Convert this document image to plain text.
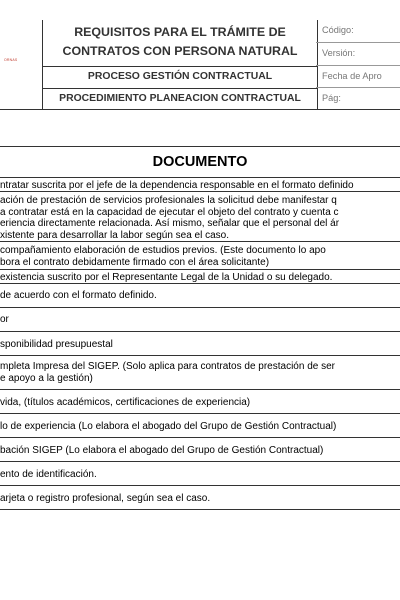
ORNAS
REQUISITOS PARA EL TRÁMITE DE
CONTRATOS CON PERSONA NATURAL
PROCESO GESTIÓN CONTRACTUAL
PROCEDIMIENTO PLANEACION CONTRACTUAL
Código:
Versión:
Fecha de Apro
Pág:
DOCUMENTO
ntratar suscrita por el jefe de la dependencia responsable en el formato definido
ación de prestación de servicios profesionales la solicitud debe manifestar q
a contratar está en la capacidad de ejecutar el objeto del contrato y cuenta c
eriencia directamente relacionada. Así mismo, señalar que el personal del ár
xistente para desarrollar la labor según sea el caso.
compañamiento elaboración de estudios previos. (Este documento lo apo
bora el contrato debidamente firmado con el área solicitante)
existencia suscrito por el Representante Legal de la Unidad o su delegado.
de acuerdo con el formato definido.
or
sponibilidad presupuestal
mpleta Impresa del SIGEP. (Solo aplica para contratos de prestación de ser
e apoyo a la gestión)
vida, (títulos académicos, certificaciones de experiencia)
lo de experiencia (Lo elabora el abogado del Grupo de Gestión Contractual)
bación SIGEP (Lo elabora el abogado del Grupo de Gestión Contractual)
ento de identificación.
arjeta o registro profesional, según sea el caso.
